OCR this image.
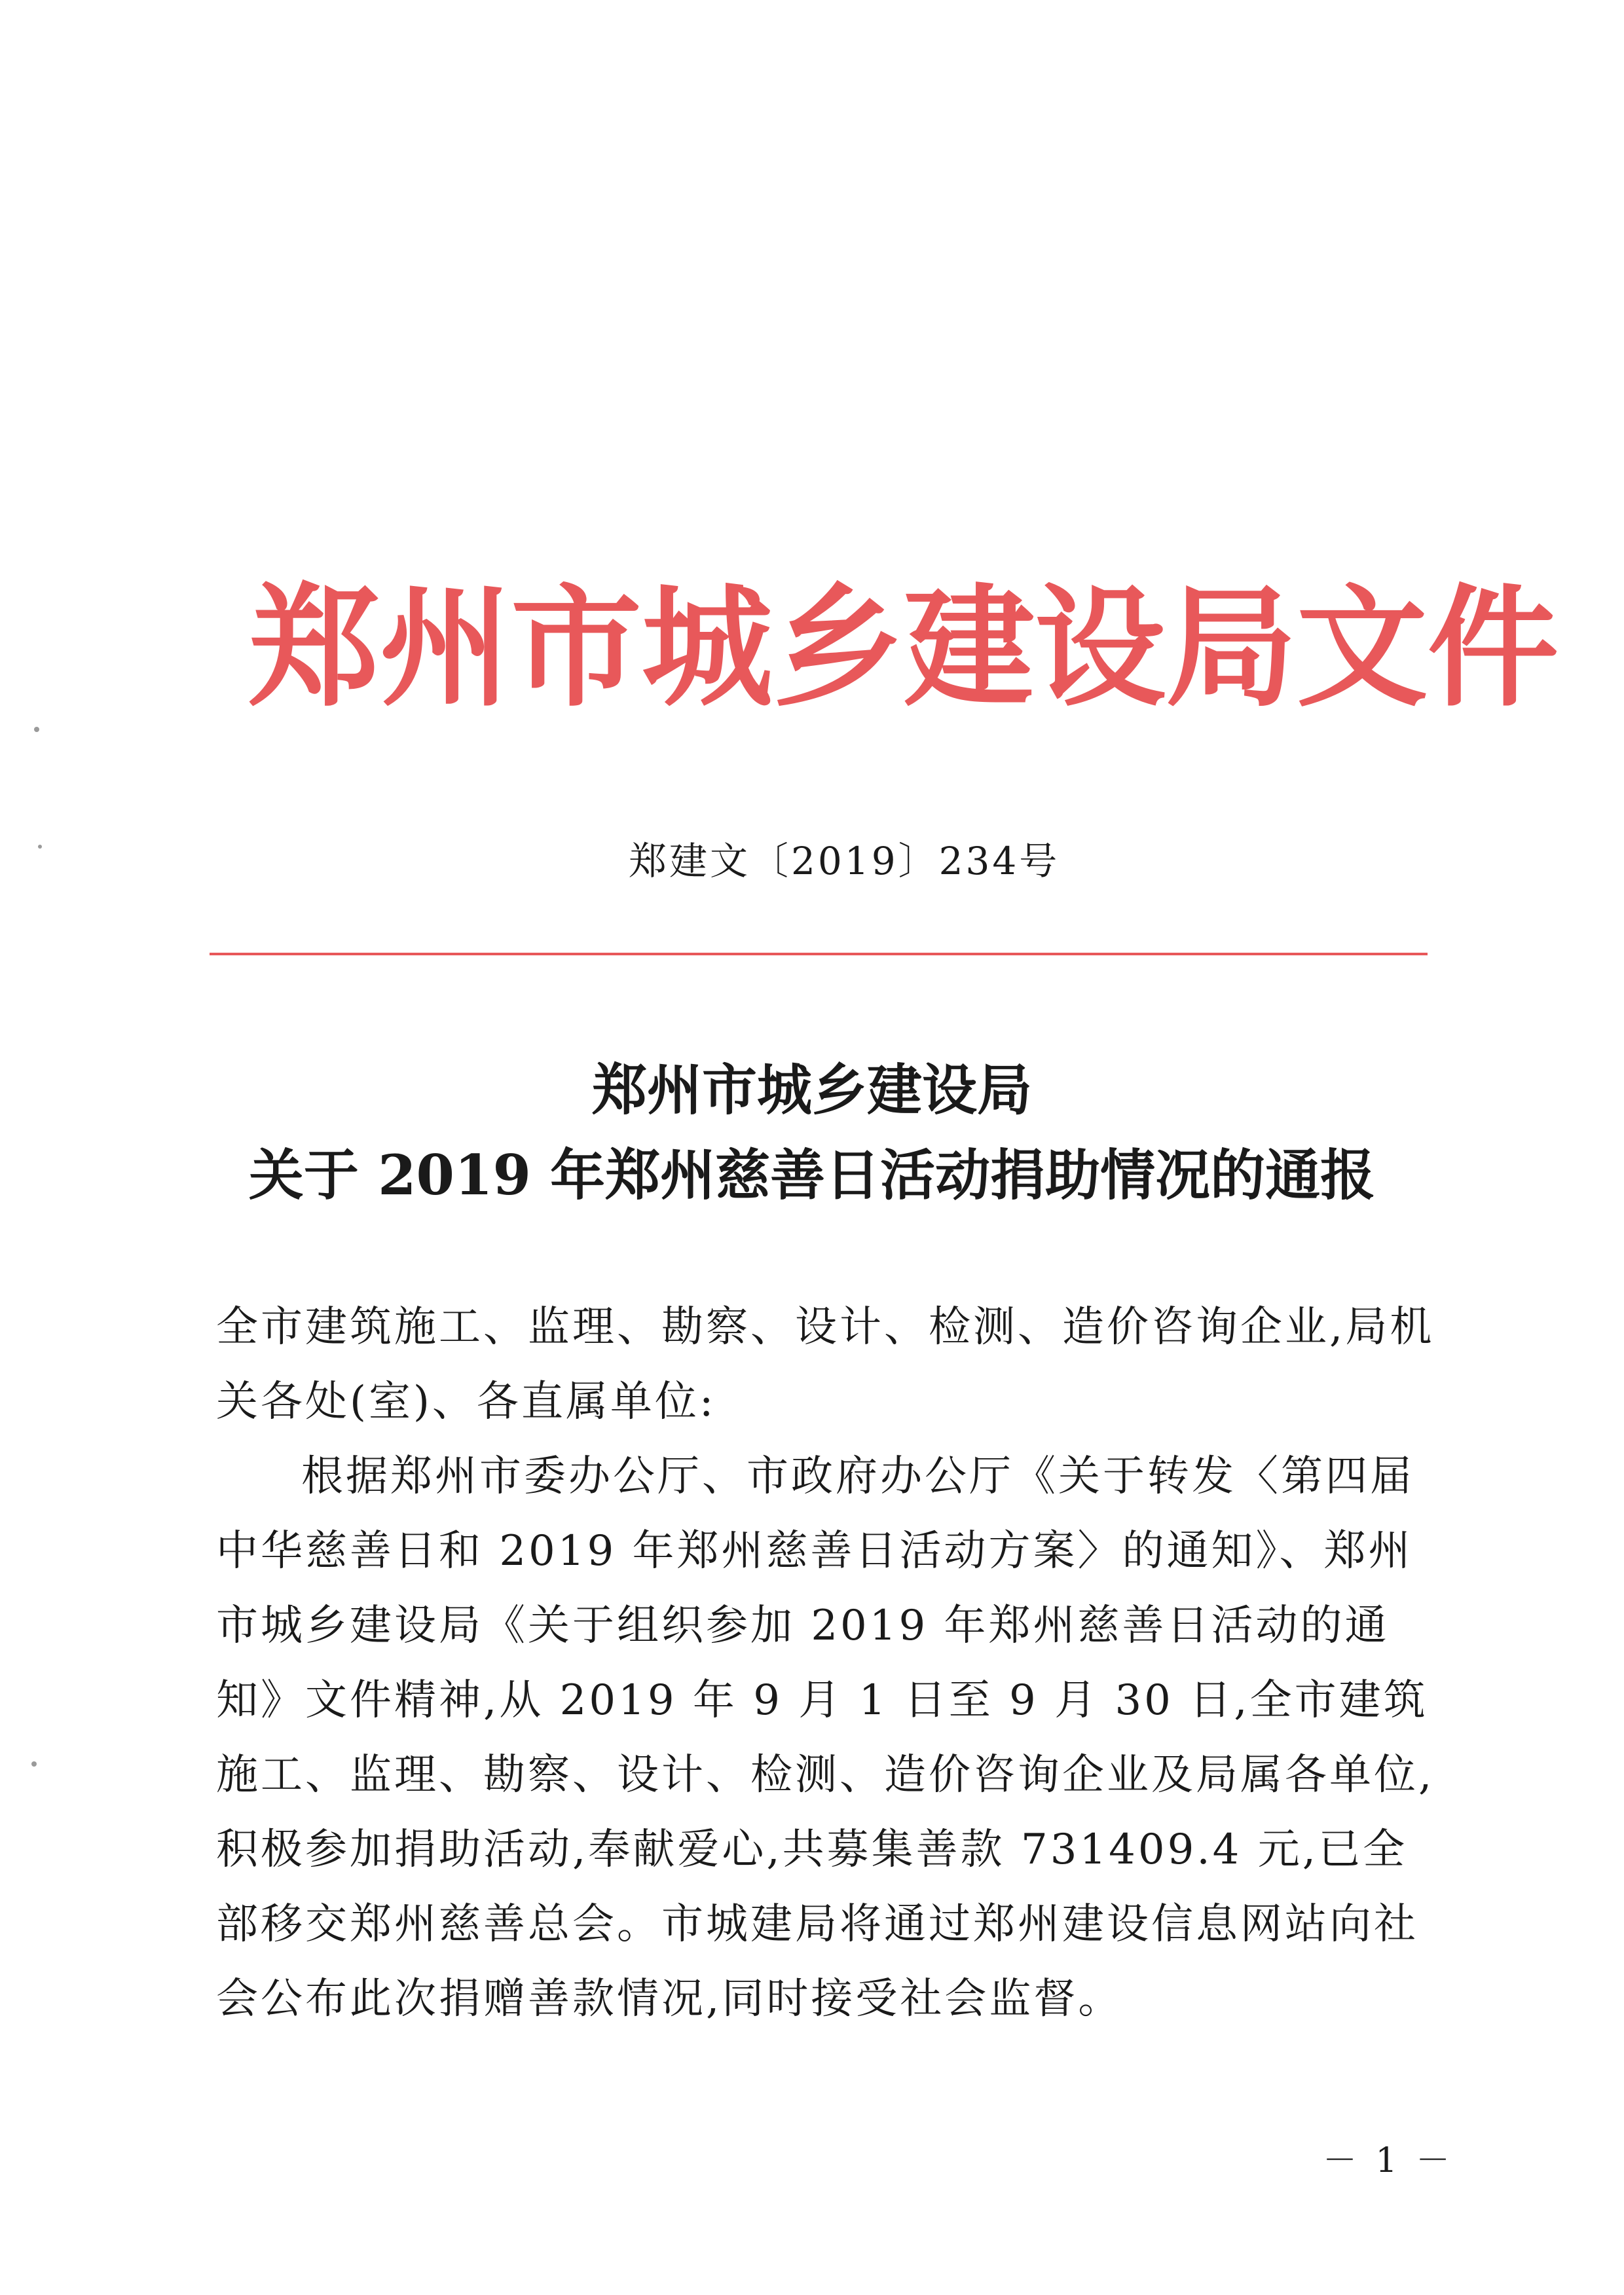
郑州市城乡建设局文件
郑建文〔2019〕234号
郑州市城乡建设局
关于 2019 年郑州慈善日活动捐助情况的通报

全市建筑施工、监理、勘察、设计、检测、造价咨询企业,局机关各处(室)、各直属单位:

根据郑州市委办公厅、市政府办公厅《关于转发〈第四届中华慈善日和 2019 年郑州慈善日活动方案〉的通知》、郑州市城乡建设局《关于组织参加 2019 年郑州慈善日活动的通知》文件精神,从 2019 年 9 月 1 日至 9 月 30 日,全市建筑施工、监理、勘察、设计、检测、造价咨询企业及局属各单位,积极参加捐助活动,奉献爱心,共募集善款 731409.4 元,已全部移交郑州慈善总会。市城建局将通过郑州建设信息网站向社会公布此次捐赠善款情况,同时接受社会监督。

－ 1 －
